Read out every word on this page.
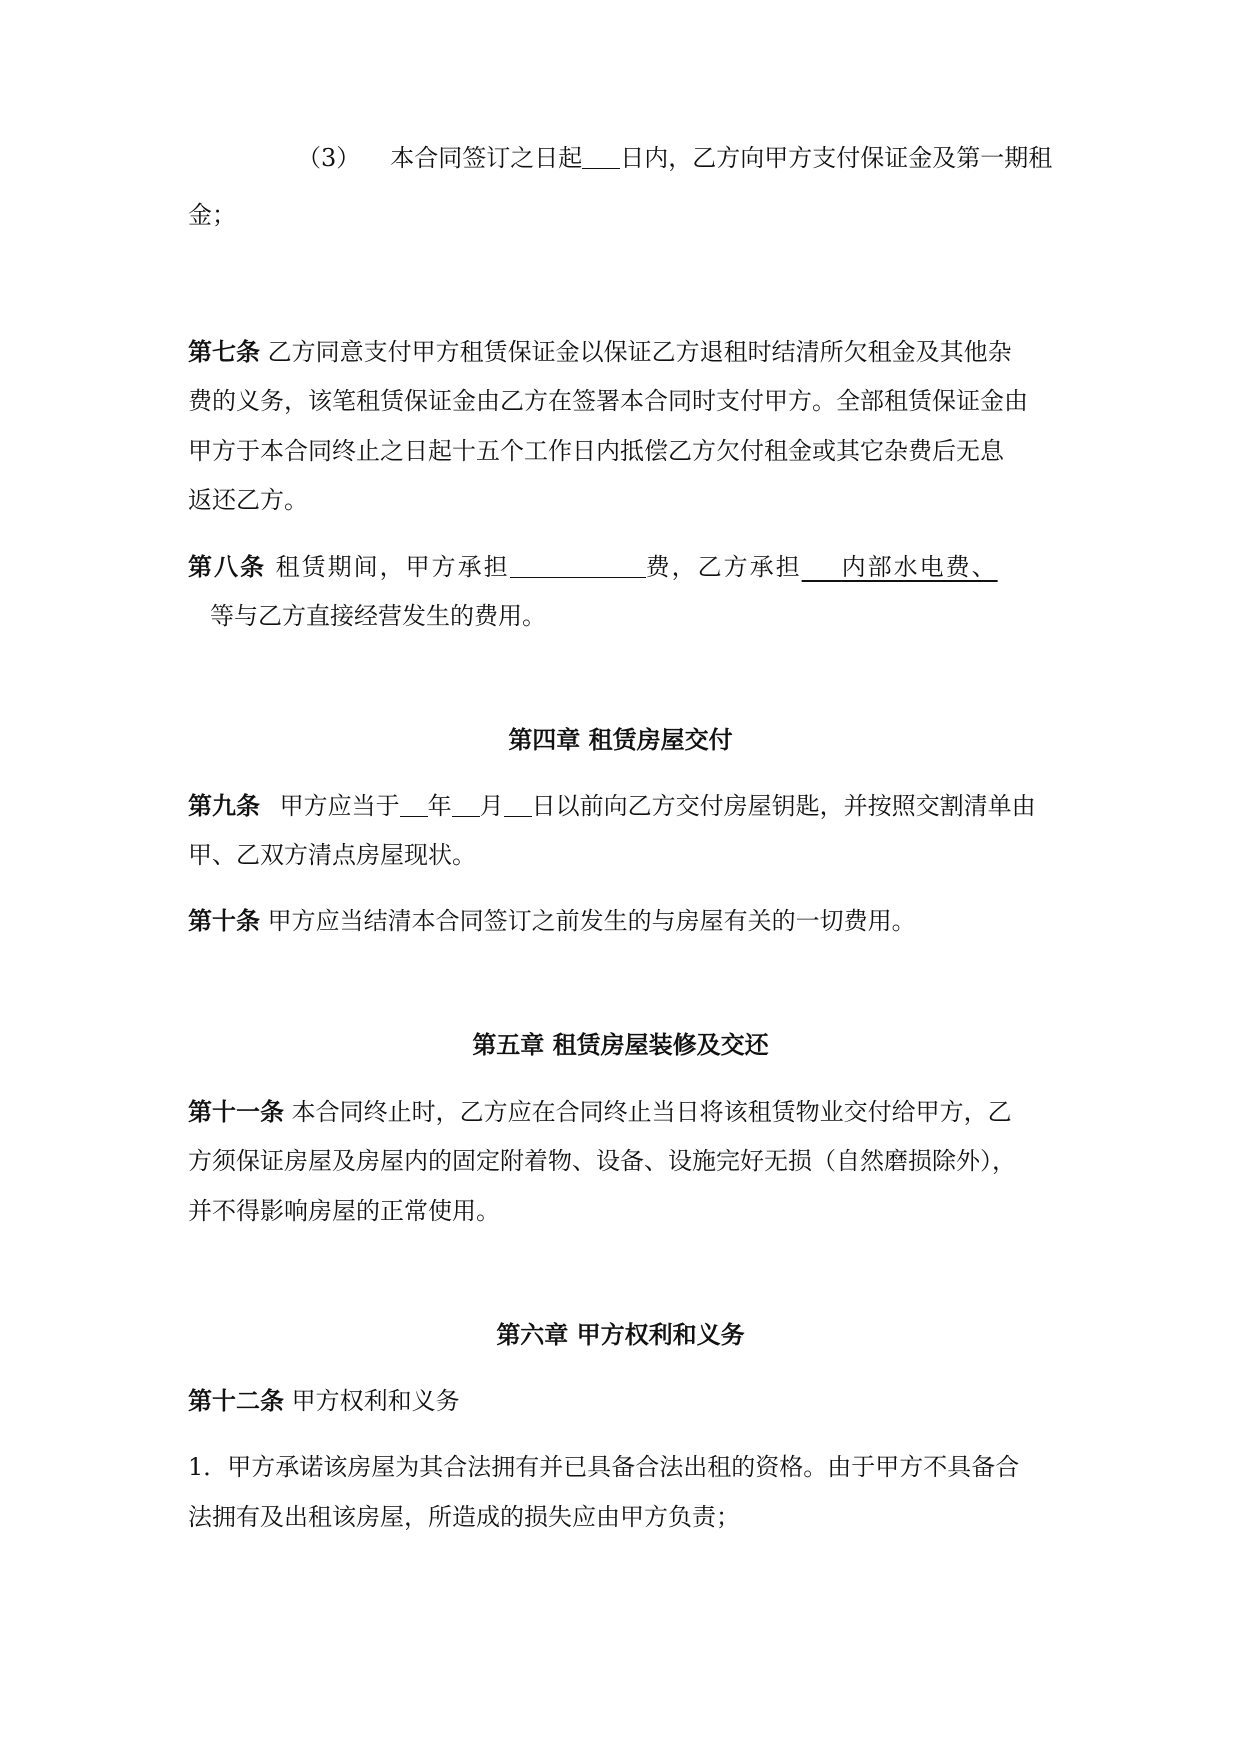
（3） 本合同签订之日起 日内，乙方向甲方支付保证金及第一期租
金；
第七条 乙方同意支付甲方租赁保证金以保证乙方退租时结清所欠租金及其他杂
费的义务，该笔租赁保证金由乙方在签署本合同时支付甲方。全部租赁保证金由
甲方于本合同终止之日起十五个工作日内抵偿乙方欠付租金或其它杂费后无息
返还乙方。
第八条 租赁期间，甲方承担	费，乙方承担   内部水电费、
等与乙方直接经营发生的费用。
第四章 租赁房屋交付
第九条  甲方应当于 年 月 日以前向乙方交付房屋钥匙，并按照交割清单由
甲、乙双方清点房屋现状。
第十条 甲方应当结清本合同签订之前发生的与房屋有关的一切费用。
第五章 租赁房屋装修及交还
第十一条 本合同终止时，乙方应在合同终止当日将该租赁物业交付给甲方，乙
方须保证房屋及房屋内的固定附着物、设备、设施完好无损（自然磨损除外），
并不得影响房屋的正常使用。
第六章 甲方权利和义务
第十二条 甲方权利和义务
1．甲方承诺该房屋为其合法拥有并已具备合法出租的资格。由于甲方不具备合
法拥有及出租该房屋，所造成的损失应由甲方负责；
